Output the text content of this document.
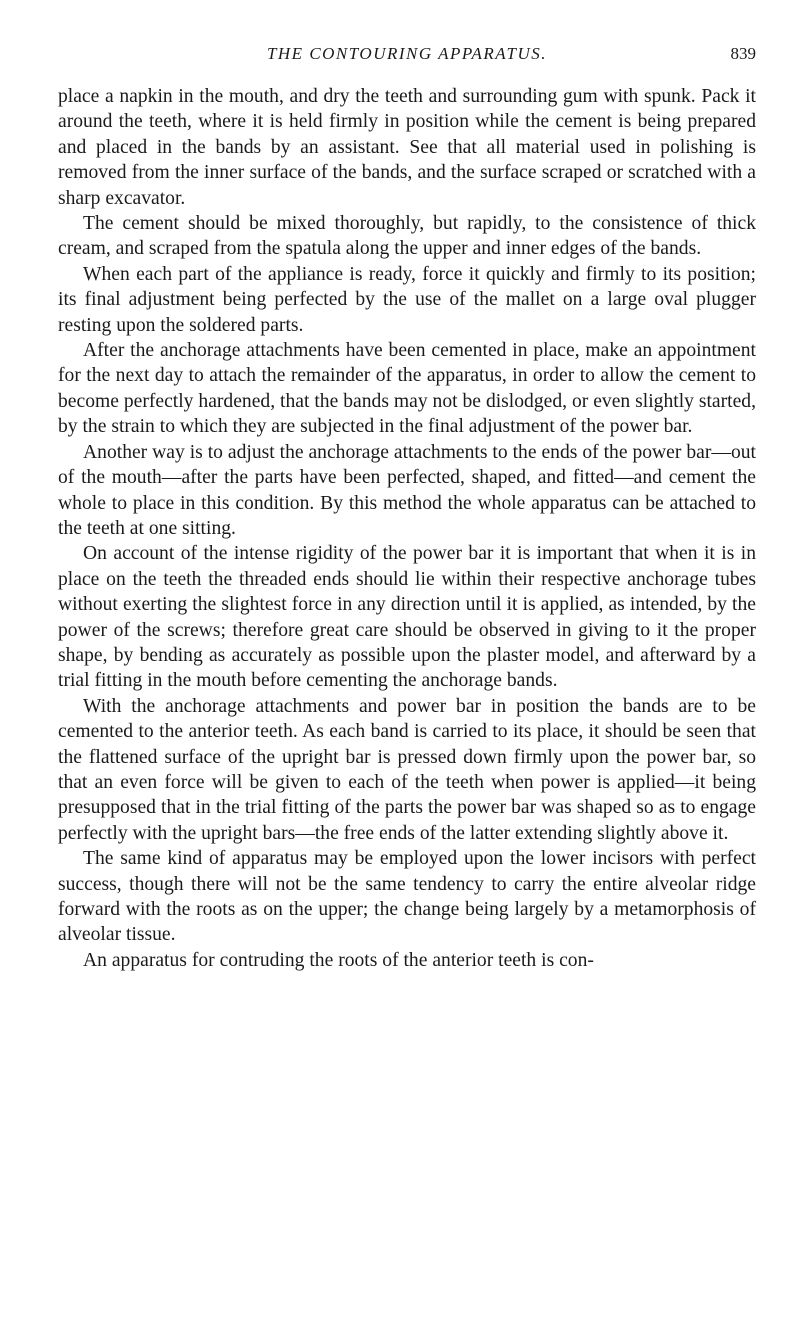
THE CONTOURING APPARATUS.	839

place a napkin in the mouth, and dry the teeth and surrounding gum with spunk. Pack it around the teeth, where it is held firmly in position while the cement is being prepared and placed in the bands by an assistant. See that all material used in polishing is removed from the inner surface of the bands, and the surface scraped or scratched with a sharp excavator.

The cement should be mixed thoroughly, but rapidly, to the consistence of thick cream, and scraped from the spatula along the upper and inner edges of the bands.

When each part of the appliance is ready, force it quickly and firmly to its position; its final adjustment being perfected by the use of the mallet on a large oval plugger resting upon the soldered parts.

After the anchorage attachments have been cemented in place, make an appointment for the next day to attach the remainder of the apparatus, in order to allow the cement to become perfectly hardened, that the bands may not be dislodged, or even slightly started, by the strain to which they are subjected in the final adjustment of the power bar.

Another way is to adjust the anchorage attachments to the ends of the power bar—out of the mouth—after the parts have been perfected, shaped, and fitted—and cement the whole to place in this condition. By this method the whole apparatus can be attached to the teeth at one sitting.

On account of the intense rigidity of the power bar it is important that when it is in place on the teeth the threaded ends should lie within their respective anchorage tubes without exerting the slightest force in any direction until it is applied, as intended, by the power of the screws; therefore great care should be observed in giving to it the proper shape, by bending as accurately as possible upon the plaster model, and afterward by a trial fitting in the mouth before cementing the anchorage bands.

With the anchorage attachments and power bar in position the bands are to be cemented to the anterior teeth. As each band is carried to its place, it should be seen that the flattened surface of the upright bar is pressed down firmly upon the power bar, so that an even force will be given to each of the teeth when power is applied—it being presupposed that in the trial fitting of the parts the power bar was shaped so as to engage perfectly with the upright bars—the free ends of the latter extending slightly above it.

The same kind of apparatus may be employed upon the lower incisors with perfect success, though there will not be the same tendency to carry the entire alveolar ridge forward with the roots as on the upper; the change being largely by a metamorphosis of alveolar tissue.

An apparatus for contruding the roots of the anterior teeth is con-
